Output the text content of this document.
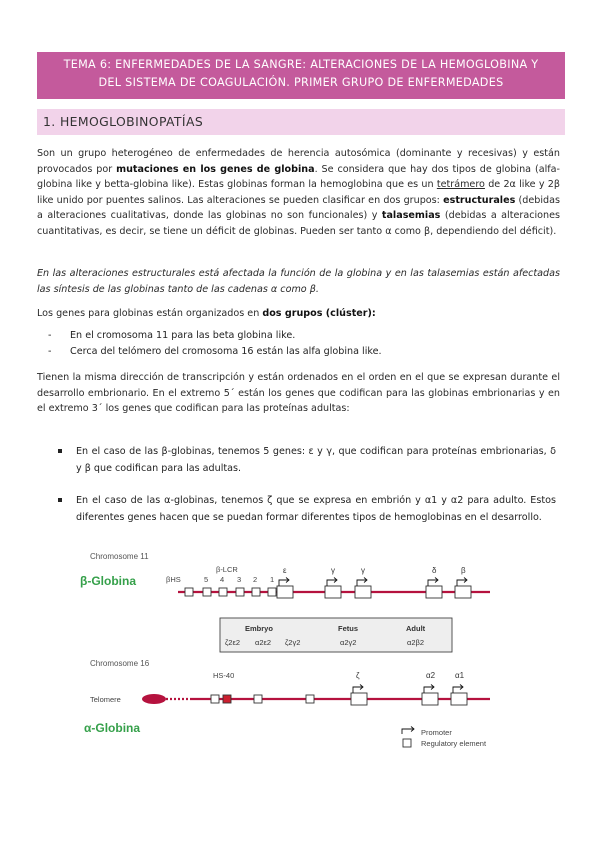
TEMA 6: ENFERMEDADES DE LA SANGRE: ALTERACIONES DE LA HEMOGLOBINA Y
DEL SISTEMA DE COAGULACIÓN. PRIMER GRUPO DE ENFERMEDADES
1. HEMOGLOBINOPATÍAS
Son un grupo heterogéneo de enfermedades de herencia autosómica (dominante y recesivas) y están provocados por mutaciones en los genes de globina. Se considera que hay dos tipos de globina (alfa- globina like y betta-globina like). Estas globinas forman la hemoglobina que es un tetrámero de 2α like y 2β like unido por puentes salinos. Las alteraciones se pueden clasificar en dos grupos: estructurales (debidas a alteraciones cualitativas, donde las globinas no son funcionales) y talasemias (debidas a alteraciones cuantitativas, es decir, se tiene un déficit de globinas. Pueden ser tanto α como β, dependiendo del déficit).
En las alteraciones estructurales está afectada la función de la globina y en las talasemias están afectadas las síntesis de las globinas tanto de las cadenas α como β.
Los genes para globinas están organizados en dos grupos (clúster):
- En el cromosoma 11 para las beta globina like.
- Cerca del telómero del cromosoma 16 están las alfa globina like.
Tienen la misma dirección de transcripción y están ordenados en el orden en el que se expresan durante el desarrollo embrionario. En el extremo 5´ están los genes que codifican para las globinas embrionarias y en el extremo 3´ los genes que codifican para las proteínas adultas:
En el caso de las β-globinas, tenemos 5 genes: ε y γ, que codifican para proteínas embrionarias, δ y β que codifican para las adultas.
En el caso de las α-globinas, tenemos ζ que se expresa en embrión y α1 y α2 para adulto. Estos diferentes genes hacen que se puedan formar diferentes tipos de hemoglobinas en el desarrollo.
Chromosome 11
β-Globina	βHS
β-LCR
5 4 3 2 1
ε	γ	γ	δ	β
Embryo	Fetus	Adult
ζ2ε2 α2ε2 ζ2γ2	α2γ2	α2β2
Chromosome 16
HS-40	ζ	α2 α1
Telomere
α-Globina	Promoter
Regulatory element
